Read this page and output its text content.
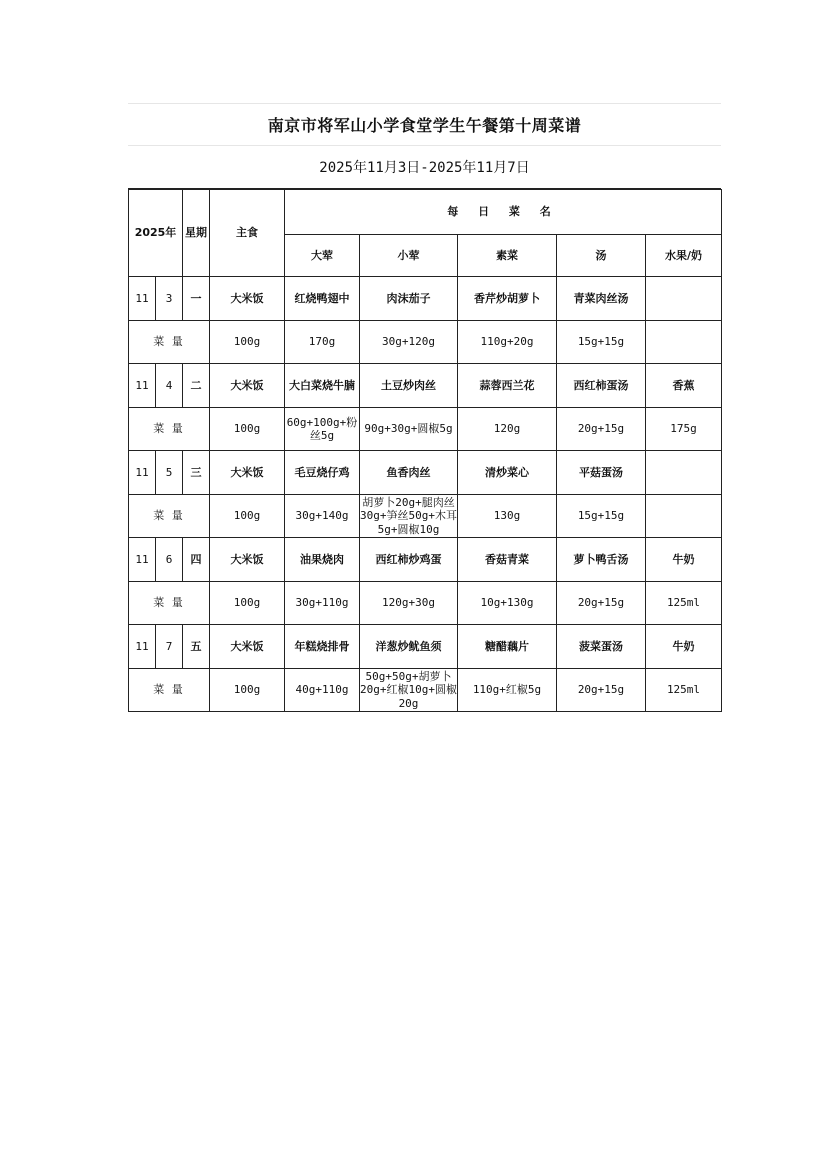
南京市将军山小学食堂学生午餐第十周菜谱
2025年11月3日-2025年11月7日
2025年		星期	主食	每 日 菜 名				
				大荤	小荤	素菜	汤	水果/奶
11	3	一	大米饭	红烧鸭翅中	肉沫茄子	香芹炒胡萝卜	青菜肉丝汤	
菜 量			100g	170g	30g+120g	110g+20g	15g+15g	
11	4	二	大米饭	大白菜烧牛腩	土豆炒肉丝	蒜蓉西兰花	西红柿蛋汤	香蕉
菜 量			100g	60g+100g+粉丝5g	90g+30g+圆椒5g	120g	20g+15g	175g
11	5	三	大米饭	毛豆烧仔鸡	鱼香肉丝	清炒菜心	平菇蛋汤	
菜 量			100g	30g+140g	胡萝卜20g+腿肉丝30g+笋丝50g+木耳5g+圆椒10g	130g	15g+15g	
11	6	四	大米饭	油果烧肉	西红柿炒鸡蛋	香菇青菜	萝卜鸭舌汤	牛奶
菜 量			100g	30g+110g	120g+30g	10g+130g	20g+15g	125ml
11	7	五	大米饭	年糕烧排骨	洋葱炒鱿鱼须	糖醋藕片	菠菜蛋汤	牛奶
菜 量			100g	40g+110g	50g+50g+胡萝卜20g+红椒10g+圆椒20g	110g+红椒5g	20g+15g	125ml
